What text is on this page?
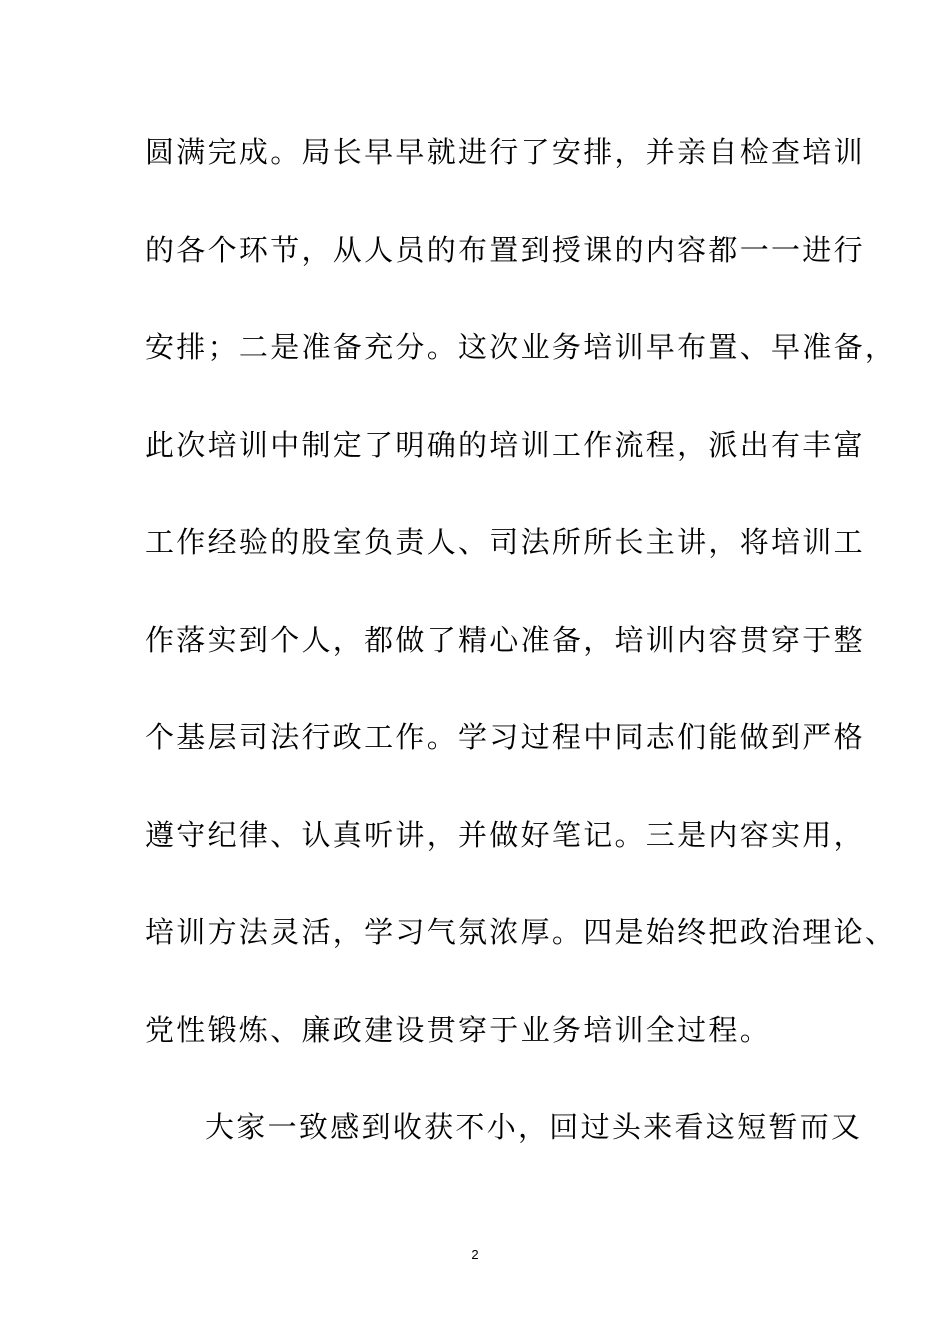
圆满完成。局长早早就进行了安排，并亲自检查培训
的各个环节，从人员的布置到授课的内容都一一进行
安排；二是准备充分。这次业务培训早布置、早准备，
此次培训中制定了明确的培训工作流程，派出有丰富
工作经验的股室负责人、司法所所长主讲，将培训工
作落实到个人，都做了精心准备，培训内容贯穿于整
个基层司法行政工作。学习过程中同志们能做到严格
遵守纪律、认真听讲，并做好笔记。三是内容实用，
培训方法灵活，学习气氛浓厚。四是始终把政治理论、
党性锻炼、廉政建设贯穿于业务培训全过程。
大家一致感到收获不小，回过头来看这短暂而又
2
